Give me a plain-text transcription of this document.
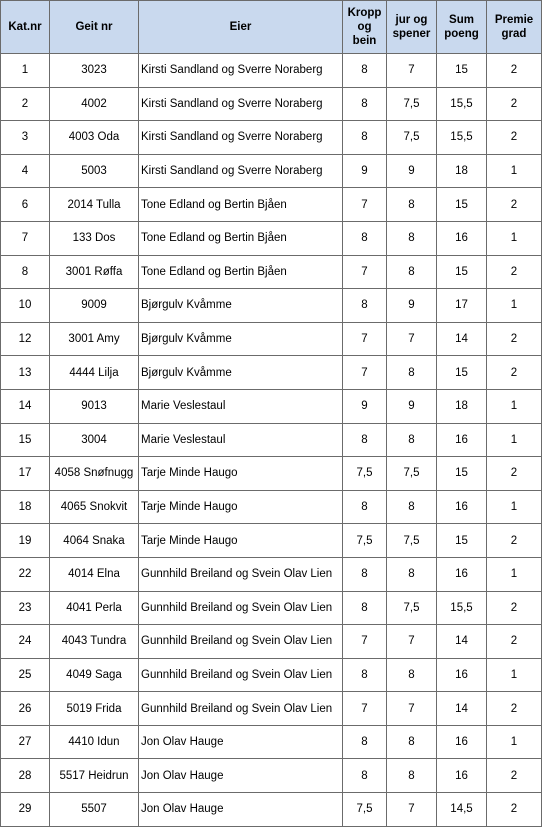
Kat.nr	Geit nr	Eier	Kropp og bein	jur og spener	Sum poeng	Premie grad
1	3023	Kirsti Sandland og Sverre Noraberg	8	7	15	2
2	4002	Kirsti Sandland og Sverre Noraberg	8	7,5	15,5	2
3	4003 Oda	Kirsti Sandland og Sverre Noraberg	8	7,5	15,5	2
4	5003	Kirsti Sandland og Sverre Noraberg	9	9	18	1
6	2014 Tulla	Tone Edland og Bertin Bjåen	7	8	15	2
7	133 Dos	Tone Edland og Bertin Bjåen	8	8	16	1
8	3001 Røffa	Tone Edland og Bertin Bjåen	7	8	15	2
10	9009	Bjørgulv Kvåmme	8	9	17	1
12	3001 Amy	Bjørgulv Kvåmme	7	7	14	2
13	4444 Lilja	Bjørgulv Kvåmme	7	8	15	2
14	9013	Marie Veslestaul	9	9	18	1
15	3004	Marie Veslestaul	8	8	16	1
17	4058 Snøfnugg	Tarje Minde Haugo	7,5	7,5	15	2
18	4065 Snokvit	Tarje Minde Haugo	8	8	16	1
19	4064 Snaka	Tarje Minde Haugo	7,5	7,5	15	2
22	4014 Elna	Gunnhild Breiland og Svein Olav Lien	8	8	16	1
23	4041 Perla	Gunnhild Breiland og Svein Olav Lien	8	7,5	15,5	2
24	4043 Tundra	Gunnhild Breiland og Svein Olav Lien	7	7	14	2
25	4049 Saga	Gunnhild Breiland og Svein Olav Lien	8	8	16	1
26	5019 Frida	Gunnhild Breiland og Svein Olav Lien	7	7	14	2
27	4410 Idun	Jon Olav Hauge	8	8	16	1
28	5517 Heidrun	Jon Olav Hauge	8	8	16	2
29	5507	Jon Olav Hauge	7,5	7	14,5	2
